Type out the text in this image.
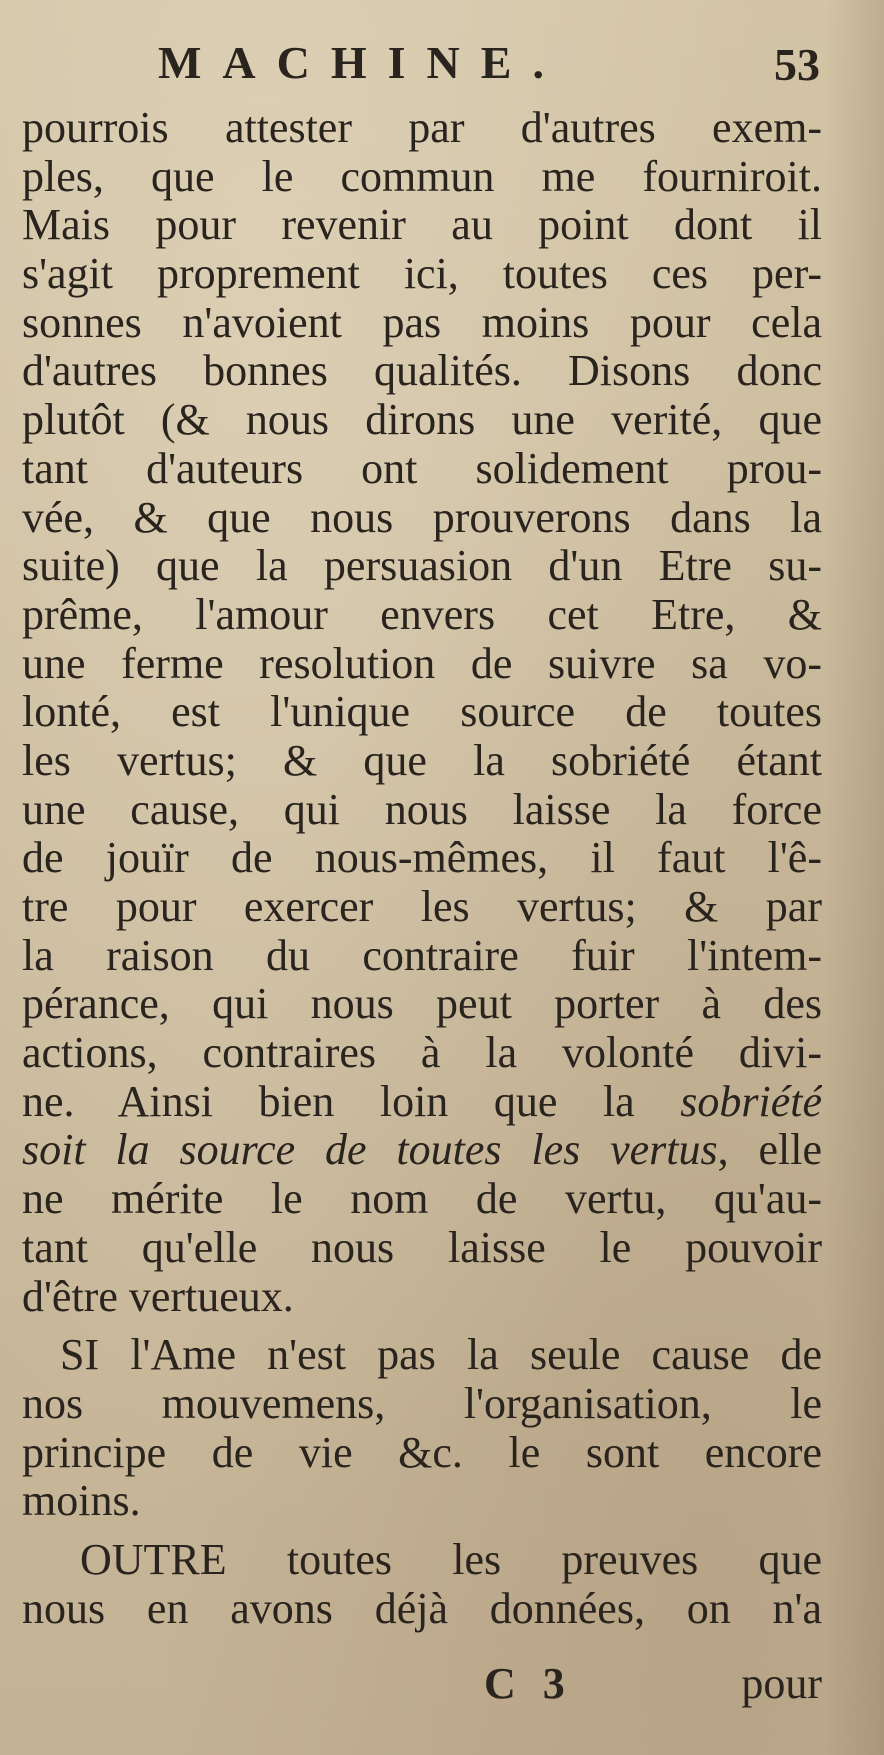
MACHINE.	53
pourrois attester par d'autres exem-
ples, que le commun me fourniroit.
Mais pour revenir au point dont il
s'agit proprement ici, toutes ces per-
sonnes n'avoient pas moins pour cela
d'autres bonnes qualités. Disons donc
plutôt (& nous dirons une verité, que
tant d'auteurs ont solidement prou-
vée, & que nous prouverons dans la
suite) que la persuasion d'un Etre su-
prême, l'amour envers cet Etre, &
une ferme resolution de suivre sa vo-
lonté, est l'unique source de toutes
les vertus; & que la sobriété étant
une cause, qui nous laisse la force
de jouïr de nous-mêmes, il faut l'ê-
tre pour exercer les vertus; & par
la raison du contraire fuir l'intem-
pérance, qui nous peut porter à des
actions, contraires à la volonté divi-
ne. Ainsi bien loin que la sobriété
soit la source de toutes les vertus, elle
ne mérite le nom de vertu, qu'au-
tant qu'elle nous laisse le pouvoir
d'être vertueux.
SI l'Ame n'est pas la seule cause de
nos mouvemens, l'organisation, le
principe de vie &c. le sont encore
moins.
OUTRE toutes les preuves que
nous en avons déjà données, on n'a
C 3	pour
